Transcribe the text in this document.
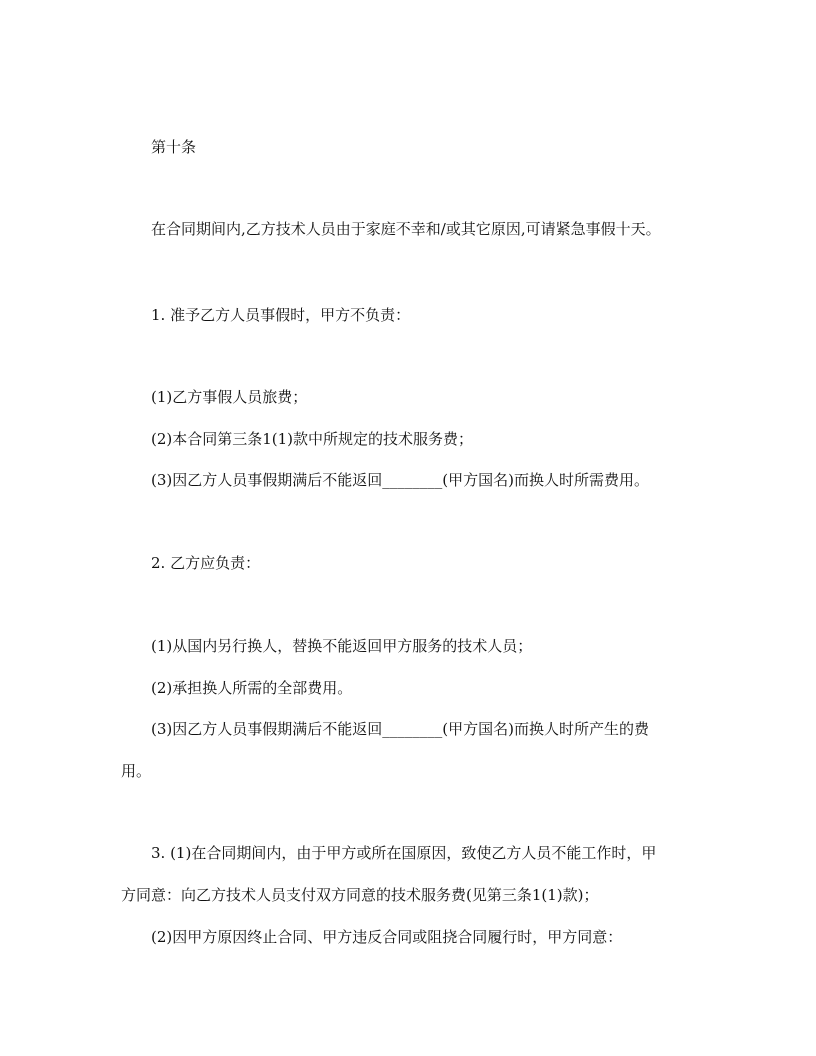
第十条

在合同期间内,乙方技术人员由于家庭不幸和/或其它原因,可请紧急事假十天。

1. 准予乙方人员事假时，甲方不负责：

(1)乙方事假人员旅费；

(2)本合同第三条1(1)款中所规定的技术服务费；

(3)因乙方人员事假期满后不能返回________(甲方国名)而换人时所需费用。

2. 乙方应负责：

(1)从国内另行换人，替换不能返回甲方服务的技术人员；

(2)承担换人所需的全部费用。

(3)因乙方人员事假期满后不能返回________(甲方国名)而换人时所产生的费

用。

3. (1)在合同期间内，由于甲方或所在国原因，致使乙方人员不能工作时，甲

方同意：向乙方技术人员支付双方同意的技术服务费(见第三条1(1)款)；

(2)因甲方原因终止合同、甲方违反合同或阻挠合同履行时，甲方同意：
